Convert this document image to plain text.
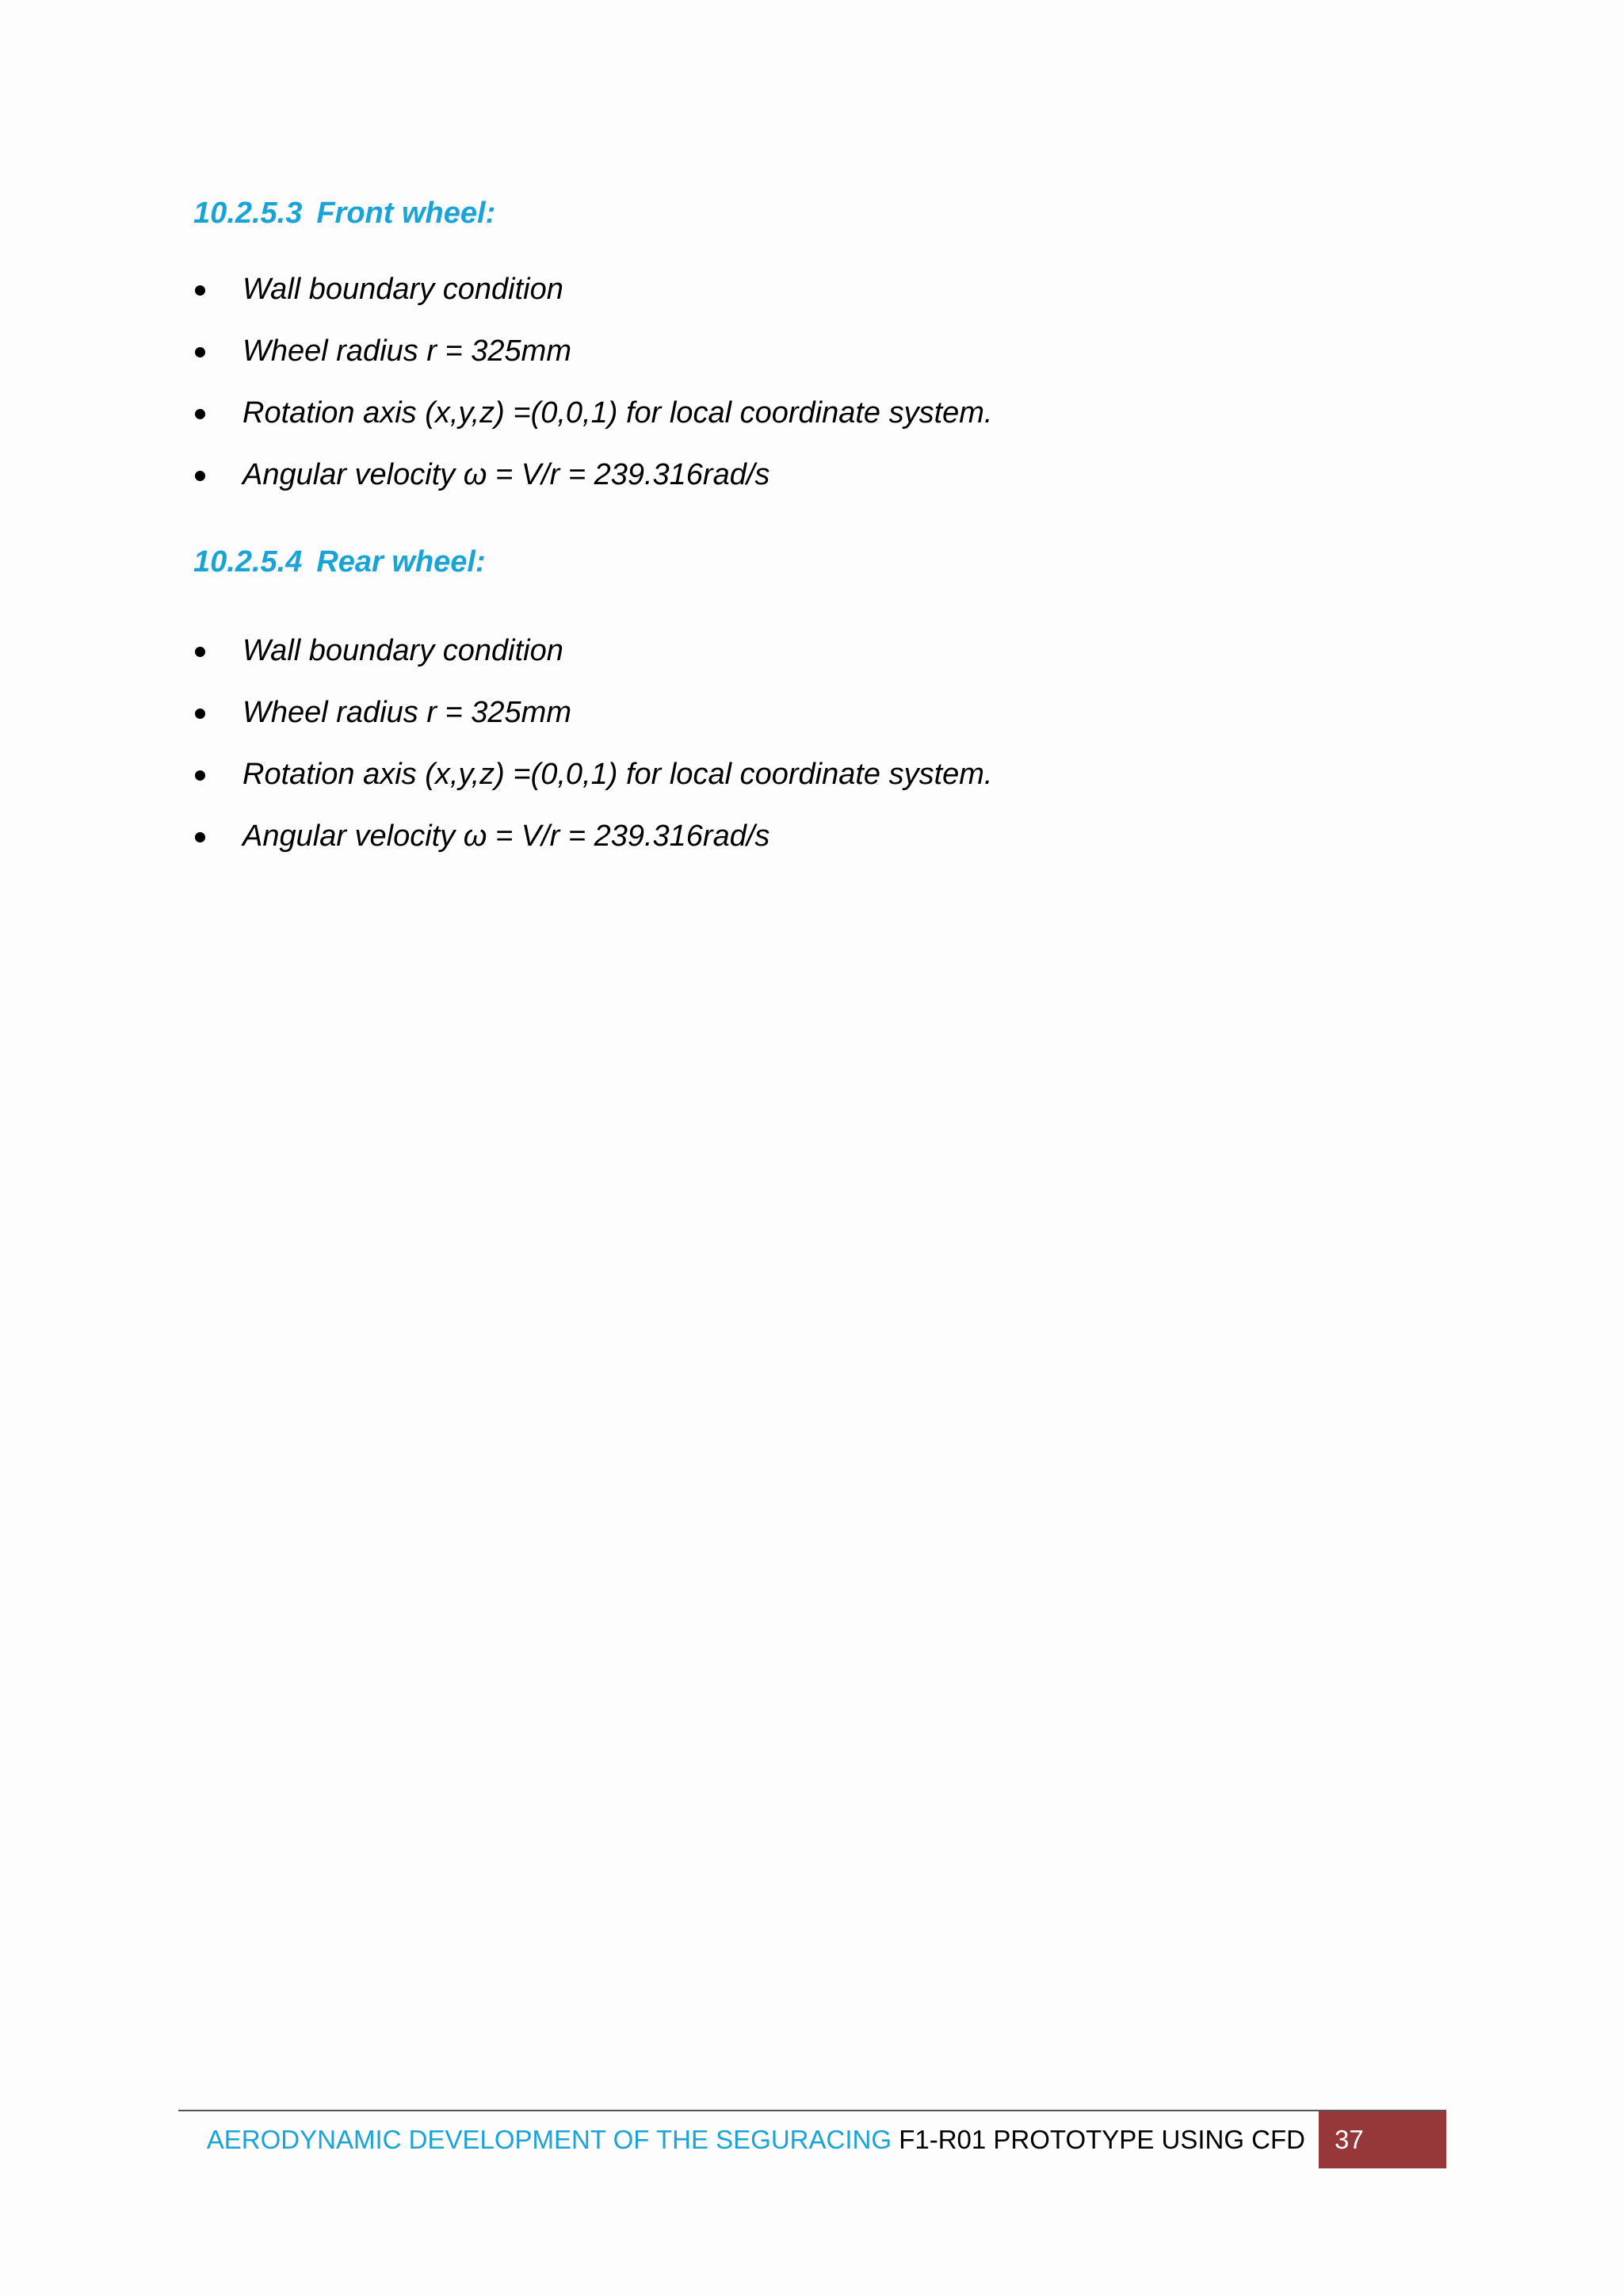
10.2.5.3 Front wheel:
Wall boundary condition
Wheel radius r = 325mm
Rotation axis (x,y,z) =(0,0,1) for local coordinate system.
Angular velocity ω = V/r = 239.316rad/s
10.2.5.4 Rear wheel:
Wall boundary condition
Wheel radius r = 325mm
Rotation axis (x,y,z) =(0,0,1) for local coordinate system.
Angular velocity ω = V/r = 239.316rad/s
AERODYNAMIC DEVELOPMENT OF THE SEGURACING F1-R01 PROTOTYPE USING CFD 37
